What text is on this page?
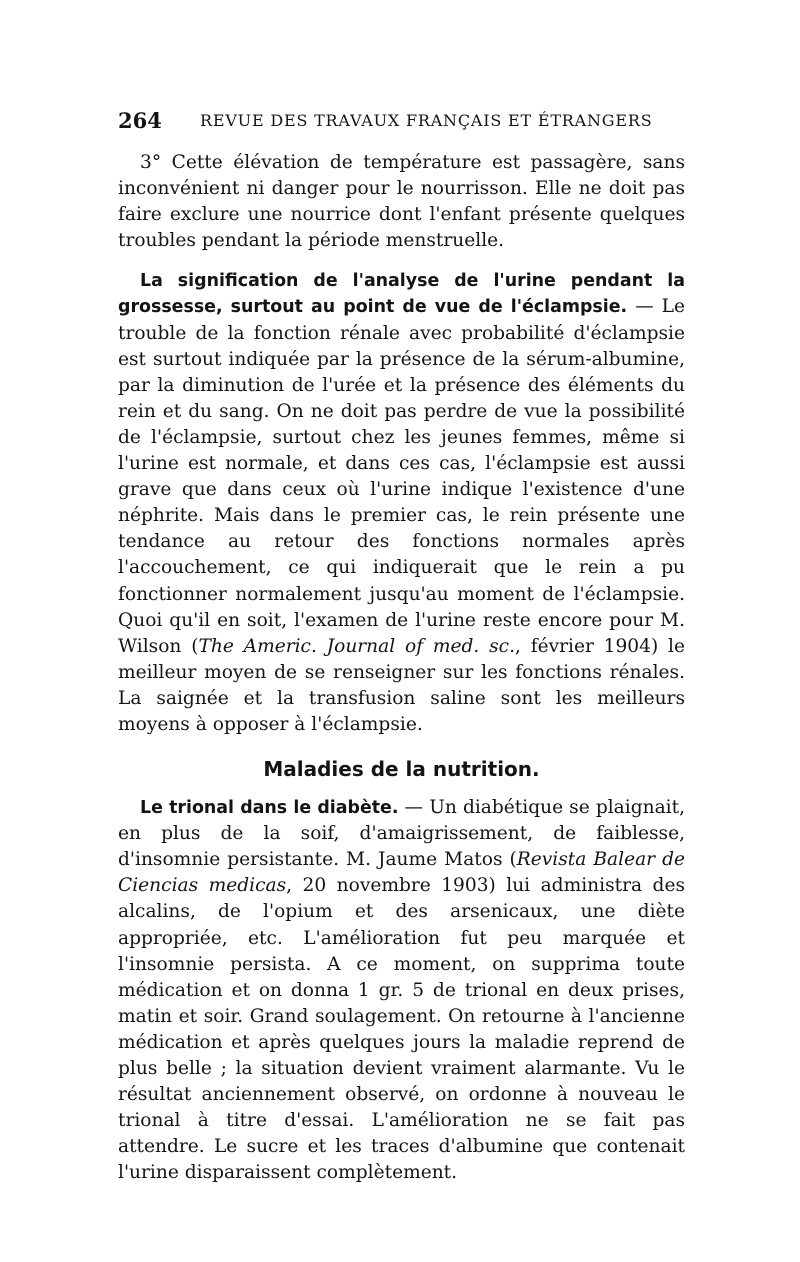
264 REVUE DES TRAVAUX FRANÇAIS ET ÉTRANGERS

3° Cette élévation de température est passagère, sans inconvénient ni danger pour le nourrisson. Elle ne doit pas faire exclure une nourrice dont l'enfant présente quelques troubles pendant la période menstruelle.

La signification de l'analyse de l'urine pendant la grossesse, surtout au point de vue de l'éclampsie. — Le trouble de la fonction rénale avec probabilité d'éclampsie est surtout indiquée par la présence de la sérum-albumine, par la diminution de l'urée et la présence des éléments du rein et du sang. On ne doit pas perdre de vue la possibilité de l'éclampsie, surtout chez les jeunes femmes, même si l'urine est normale, et dans ces cas, l'éclampsie est aussi grave que dans ceux où l'urine indique l'existence d'une néphrite. Mais dans le premier cas, le rein présente une tendance au retour des fonctions normales après l'accouchement, ce qui indiquerait que le rein a pu fonctionner normalement jusqu'au moment de l'éclampsie. Quoi qu'il en soit, l'examen de l'urine reste encore pour M. Wilson (The Americ. Journal of med. sc., février 1904) le meilleur moyen de se renseigner sur les fonctions rénales. La saignée et la transfusion saline sont les meilleurs moyens à opposer à l'éclampsie.

Maladies de la nutrition.

Le trional dans le diabète. — Un diabétique se plaignait, en plus de la soif, d'amaigrissement, de faiblesse, d'insomnie persistante. M. Jaume Matos (Revista Balear de Ciencias medicas, 20 novembre 1903) lui administra des alcalins, de l'opium et des arsenicaux, une diète appropriée, etc. L'amélioration fut peu marquée et l'insomnie persista. A ce moment, on supprima toute médication et on donna 1 gr. 5 de trional en deux prises, matin et soir. Grand soulagement. On retourne à l'ancienne médication et après quelques jours la maladie reprend de plus belle ; la situation devient vraiment alarmante. Vu le résultat anciennement observé, on ordonne à nouveau le trional à titre d'essai. L'amélioration ne se fait pas attendre. Le sucre et les traces d'albumine que contenait l'urine disparaissent complètement.
